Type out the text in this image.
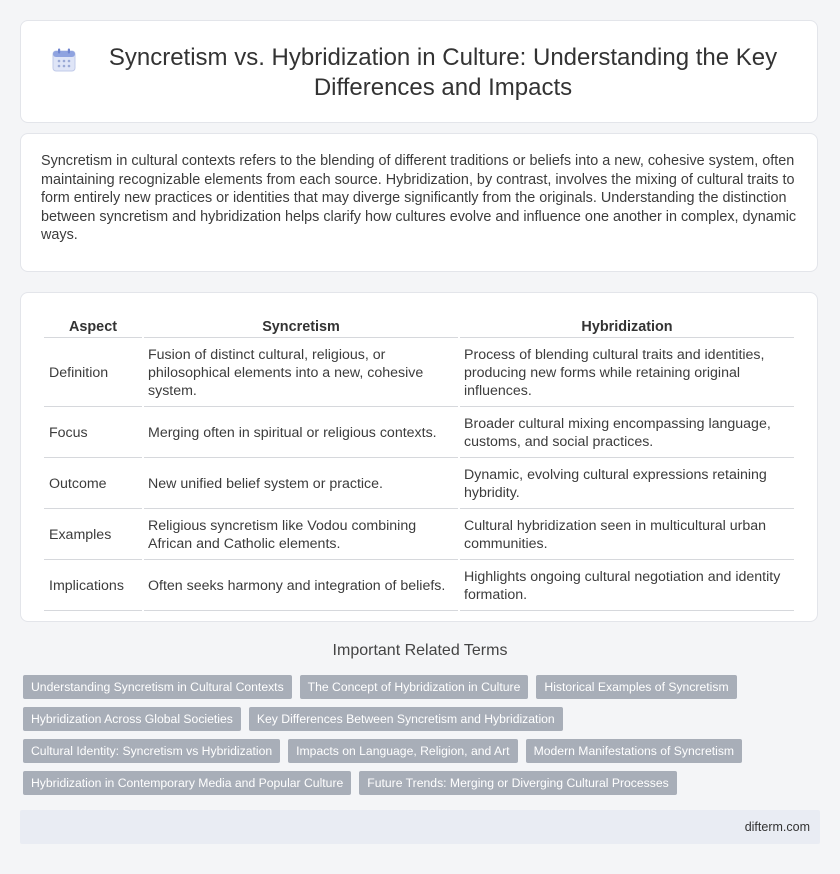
Syncretism vs. Hybridization in Culture: Understanding the Key Differences and Impacts

Syncretism in cultural contexts refers to the blending of different traditions or beliefs into a new, cohesive system, often maintaining recognizable elements from each source. Hybridization, by contrast, involves the mixing of cultural traits to form entirely new practices or identities that may diverge significantly from the originals. Understanding the distinction between syncretism and hybridization helps clarify how cultures evolve and influence one another in complex, dynamic ways.

Aspect	Syncretism	Hybridization
Definition	Fusion of distinct cultural, religious, or philosophical elements into a new, cohesive system.	Process of blending cultural traits and identities, producing new forms while retaining original influences.
Focus	Merging often in spiritual or religious contexts.	Broader cultural mixing encompassing language, customs, and social practices.
Outcome	New unified belief system or practice.	Dynamic, evolving cultural expressions retaining hybridity.
Examples	Religious syncretism like Vodou combining African and Catholic elements.	Cultural hybridization seen in multicultural urban communities.
Implications	Often seeks harmony and integration of beliefs.	Highlights ongoing cultural negotiation and identity formation.
Important Related Terms
Understanding Syncretism in Cultural Contexts	The Concept of Hybridization in Culture	Historical Examples of Syncretism
Hybridization Across Global Societies	Key Differences Between Syncretism and Hybridization
Cultural Identity: Syncretism vs Hybridization	Impacts on Language, Religion, and Art	Modern Manifestations of Syncretism
Hybridization in Contemporary Media and Popular Culture	Future Trends: Merging or Diverging Cultural Processes
difterm.com
